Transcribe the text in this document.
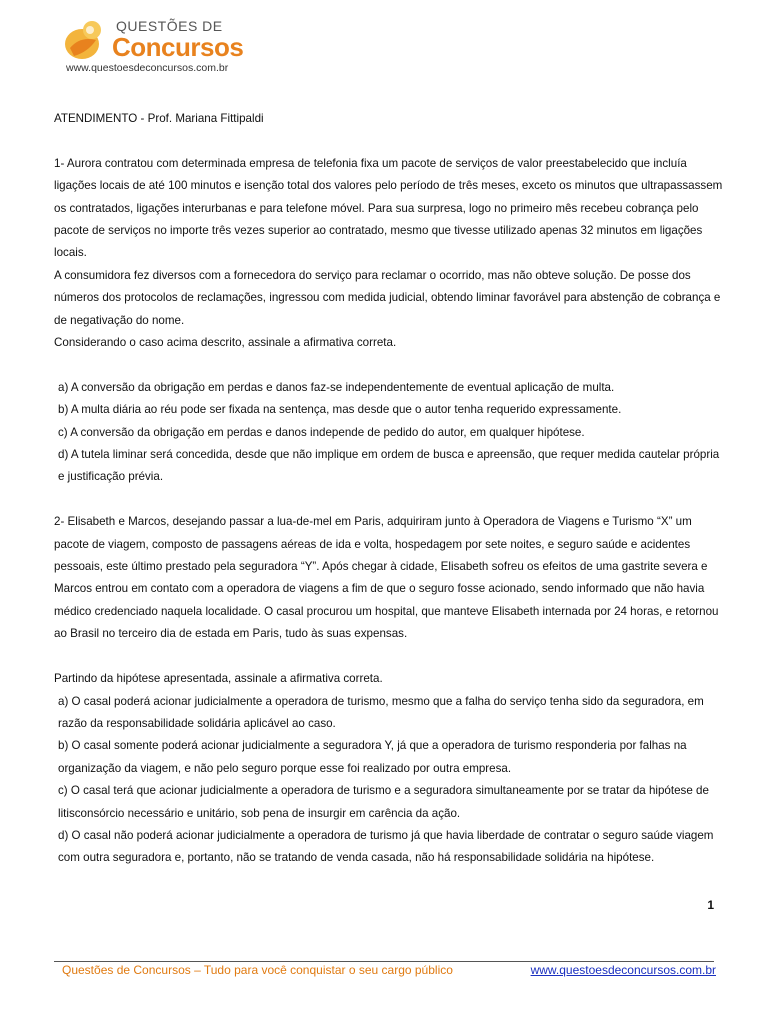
QUESTÕES DE
Concursos
www.questoesdeconcursos.com.br

ATENDIMENTO - Prof. Mariana Fittipaldi

1- Aurora contratou com determinada empresa de telefonia fixa um pacote de serviços de valor preestabelecido que incluía ligações locais de até 100 minutos e isenção total dos valores pelo período de três meses, exceto os minutos que ultrapassassem os contratados, ligações interurbanas e para telefone móvel. Para sua surpresa, logo no primeiro mês recebeu cobrança pelo pacote de serviços no importe três vezes superior ao contratado, mesmo que tivesse utilizado apenas 32 minutos em ligações locais.

A consumidora fez diversos com a fornecedora do serviço para reclamar o ocorrido, mas não obteve solução. De posse dos números dos protocolos de reclamações, ingressou com medida judicial, obtendo liminar favorável para abstenção de cobrança e de negativação do nome.

Considerando o caso acima descrito, assinale a afirmativa correta.

a) A conversão da obrigação em perdas e danos faz-se independentemente de eventual aplicação de multa.

b) A multa diária ao réu pode ser fixada na sentença, mas desde que o autor tenha requerido expressamente.

c) A conversão da obrigação em perdas e danos independe de pedido do autor, em qualquer hipótese.

d) A tutela liminar será concedida, desde que não implique em ordem de busca e apreensão, que requer medida cautelar própria e justificação prévia.

2- Elisabeth e Marcos, desejando passar a lua-de-mel em Paris, adquiriram junto à Operadora de Viagens e Turismo “X” um pacote de viagem, composto de passagens aéreas de ida e volta, hospedagem por sete noites, e seguro saúde e acidentes pessoais, este último prestado pela seguradora “Y”. Após chegar à cidade, Elisabeth sofreu os efeitos de uma gastrite severa e Marcos entrou em contato com a operadora de viagens a fim de que o seguro fosse acionado, sendo informado que não havia médico credenciado naquela localidade. O casal procurou um hospital, que manteve Elisabeth internada por 24 horas, e retornou ao Brasil no terceiro dia de estada em Paris, tudo às suas expensas.

Partindo da hipótese apresentada, assinale a afirmativa correta.

a) O casal poderá acionar judicialmente a operadora de turismo, mesmo que a falha do serviço tenha sido da seguradora, em razão da responsabilidade solidária aplicável ao caso.

b) O casal somente poderá acionar judicialmente a seguradora Y, já que a operadora de turismo responderia por falhas na organização da viagem, e não pelo seguro porque esse foi realizado por outra empresa.

c) O casal terá que acionar judicialmente a operadora de turismo e a seguradora simultaneamente por se tratar da hipótese de litisconsórcio necessário e unitário, sob pena de insurgir em carência da ação.

d) O casal não poderá acionar judicialmente a operadora de turismo já que havia liberdade de contratar o seguro saúde viagem com outra seguradora e, portanto, não se tratando de venda casada, não há responsabilidade solidária na hipótese.

1
Questões de Concursos – Tudo para você conquistar o seu cargo público	www.questoesdeconcursos.com.br
